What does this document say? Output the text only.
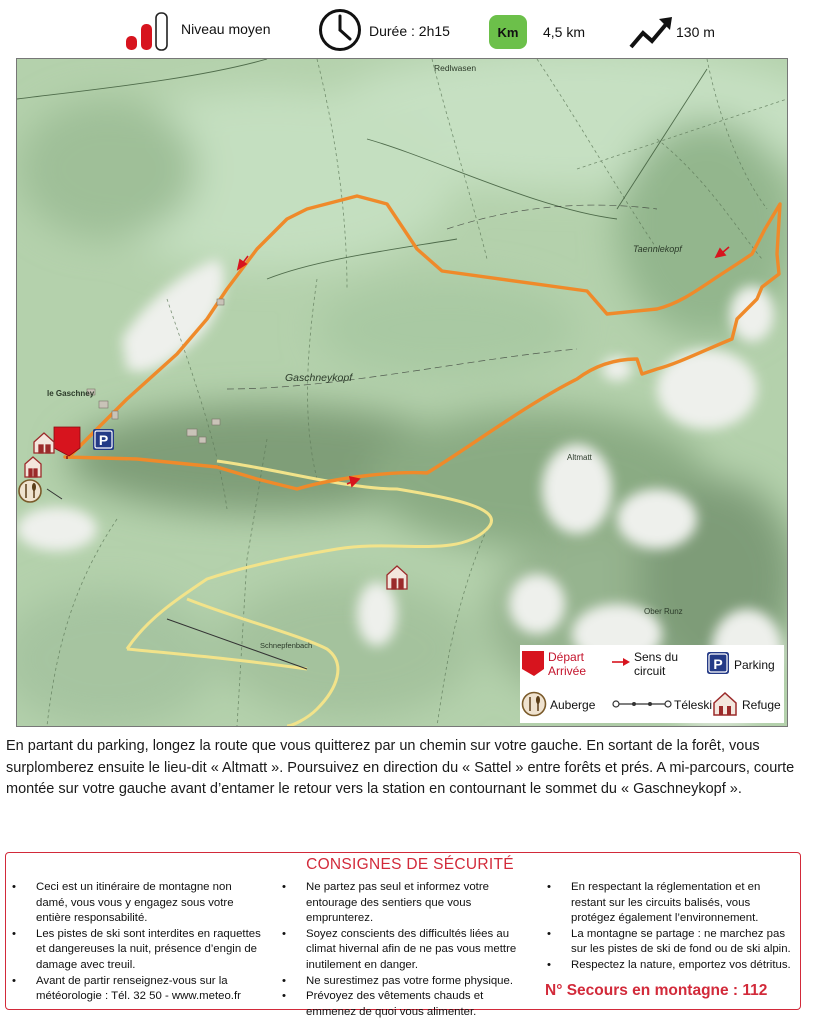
Niveau moyen	Durée : 2h15	Km	4,5 km	130 m
Redlwasen
Taennlekopf
Gaschneykopf
le Gaschney
Altmatt
Ober Runz
Schnepfenbach
P
Départ
Arrivée
Sens du
circuit	P Parking
Auberge	Téleski Refuge
En partant du parking, longez la route que vous quitterez par un chemin sur votre gauche. En sortant de la forêt, vous surplomberez ensuite le lieu-dit « Altmatt ». Poursuivez en direction du « Sattel » entre forêts et prés. A mi-parcours, courte montée sur votre gauche avant d’entamer le retour vers la station en contournant le sommet du « Gaschneykopf ».
CONSIGNES DE SÉCURITÉ
• Ceci est un itinéraire de montagne non damé, vous vous y engagez sous votre entière responsabilité.
• Les pistes de ski sont interdites en raquettes et dangereuses la nuit, présence d’engin de damage avec treuil.
• Avant de partir renseignez-vous sur la météorologie : Tél. 32 50 - www.meteo.fr
• Ne partez pas seul et informez votre entourage des sentiers que vous emprunterez.
• Soyez conscients des difficultés liées au climat hivernal afin de ne pas vous mettre inutilement en danger.
• Ne surestimez pas votre forme physique.
• Prévoyez des vêtements chauds et emmenez de quoi vous alimenter.
• En respectant la réglementation et en restant sur les circuits balisés, vous protégez également l’environnement.
• La montagne se partage : ne marchez pas sur les pistes de ski de fond ou de ski alpin.
• Respectez la nature, emportez vos détritus.
N° Secours en montagne : 112
